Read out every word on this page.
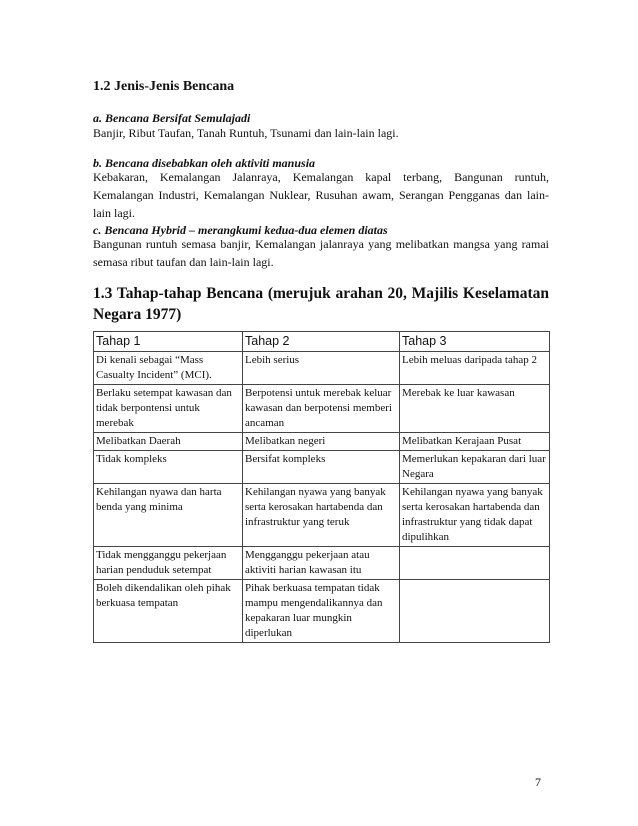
1.2 Jenis-Jenis Bencana
a. Bencana Bersifat Semulajadi
Banjir, Ribut Taufan, Tanah Runtuh, Tsunami dan lain-lain lagi.
b. Bencana disebabkan oleh aktiviti manusia
Kebakaran, Kemalangan Jalanraya, Kemalangan kapal terbang, Bangunan runtuh, Kemalangan Industri, Kemalangan Nuklear, Rusuhan awam, Serangan Pengganas dan lain-lain lagi.
c. Bencana Hybrid – merangkumi kedua-dua elemen diatas
Bangunan runtuh semasa banjir, Kemalangan jalanraya yang melibatkan mangsa yang ramai semasa ribut taufan dan lain-lain lagi.
1.3 Tahap-tahap Bencana (merujuk arahan 20, Majilis Keselamatan Negara 1977)
Tahap 1	Tahap 2	Tahap 3
Di kenali sebagai “Mass Casualty Incident” (MCI).	Lebih serius	Lebih meluas daripada tahap 2
Berlaku setempat kawasan dan tidak berpontensi untuk merebak	Berpotensi untuk merebak keluar kawasan dan berpotensi memberi ancaman	Merebak ke luar kawasan
Melibatkan Daerah	Melibatkan negeri	Melibatkan Kerajaan Pusat
Tidak kompleks	Bersifat kompleks	Memerlukan kepakaran dari luar Negara
Kehilangan nyawa dan harta benda yang minima	Kehilangan nyawa yang banyak serta kerosakan hartabenda dan infrastruktur yang teruk	Kehilangan nyawa yang banyak serta kerosakan hartabenda dan infrastruktur yang tidak dapat dipulihkan
Tidak mengganggu pekerjaan harian penduduk setempat	Mengganggu pekerjaan atau aktiviti harian kawasan itu	
Boleh dikendalikan oleh pihak berkuasa tempatan	Pihak berkuasa tempatan tidak mampu mengendalikannya dan kepakaran luar mungkin diperlukan	
7
